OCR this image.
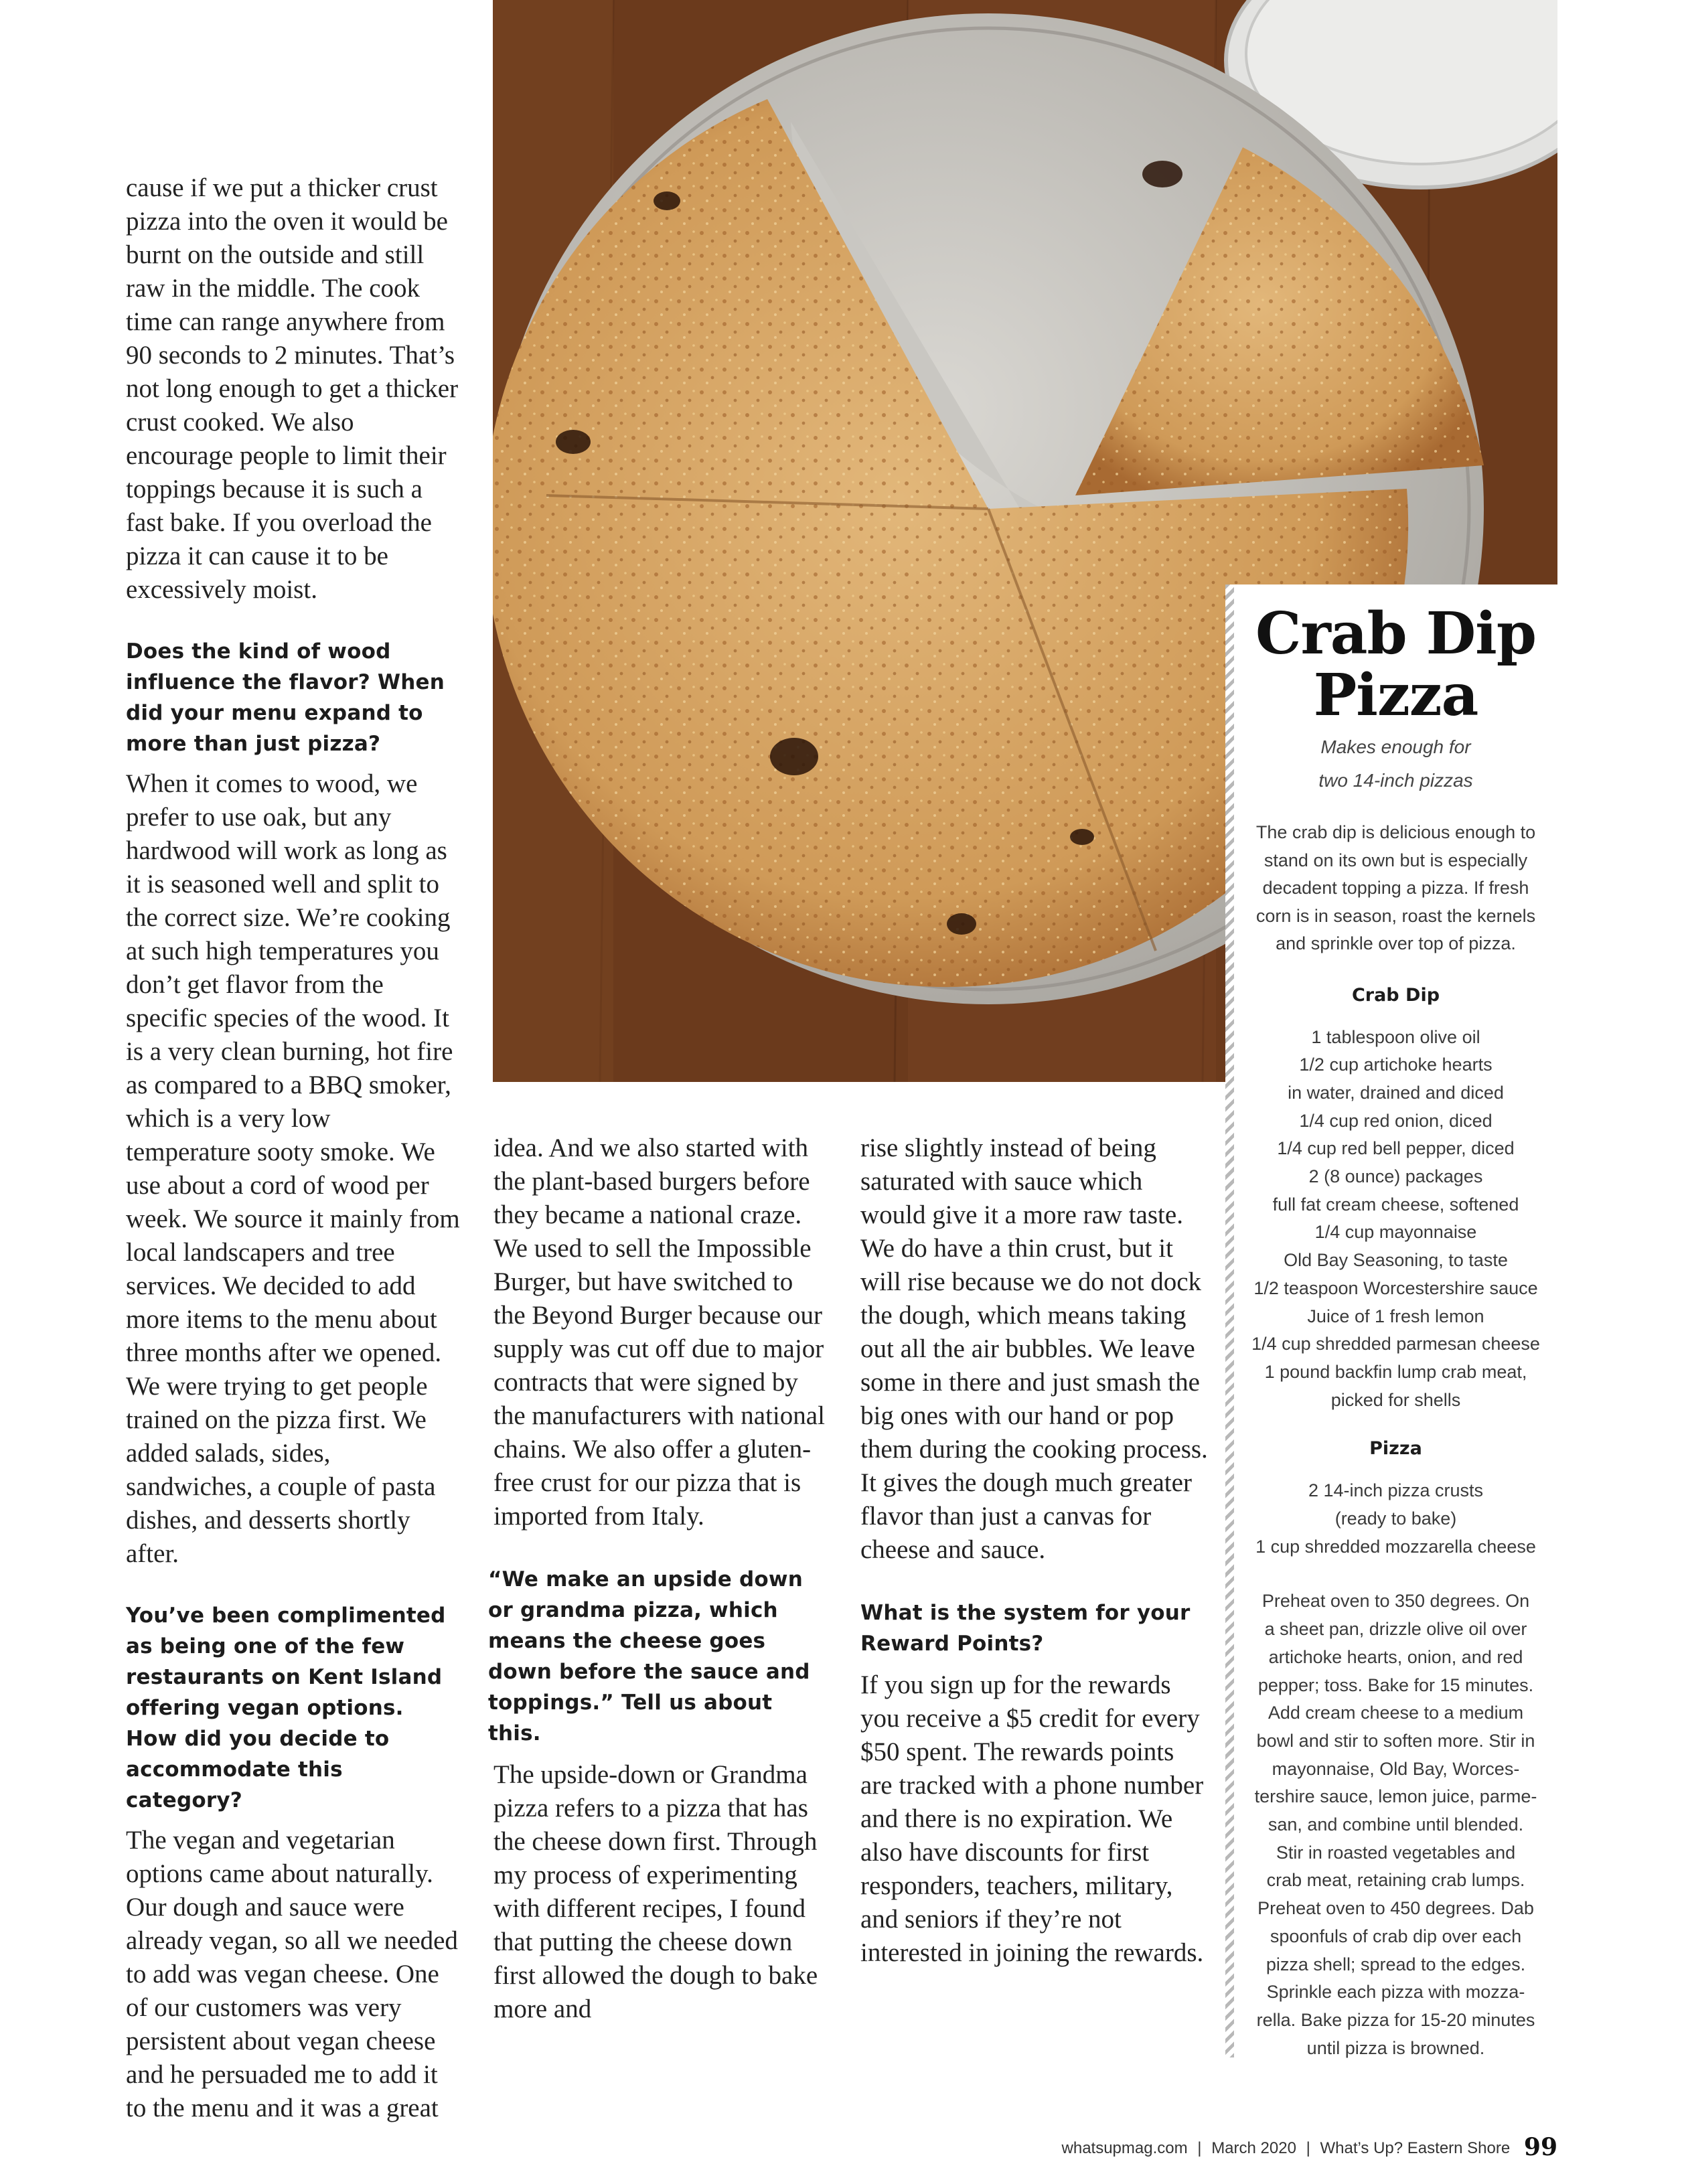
cause if we put a thicker crust pizza into the oven it would be burnt on the outside and still raw in the middle. The cook time can range anywhere from 90 seconds to 2 minutes. That’s not long enough to get a thicker crust cooked. We also encourage people to limit their toppings because it is such a fast bake. If you overload the pizza it can cause it to be excessively moist.

Does the kind of wood influence the flavor? When did your menu expand to more than just pizza?

When it comes to wood, we prefer to use oak, but any hardwood will work as long as it is seasoned well and split to the correct size. We’re cooking at such high temperatures you don’t get flavor from the specific species of the wood. It is a very clean burning, hot fire as compared to a BBQ smoker, which is a very low temperature sooty smoke. We use about a cord of wood per week. We source it mainly from local landscapers and tree services. We decided to add more items to the menu about three months after we opened. We were trying to get people trained on the pizza first. We added salads, sides, sandwiches, a couple of pasta dishes, and desserts shortly after.

You’ve been complimented as being one of the few restaurants on Kent Island offering vegan options. How did you decide to accommodate this category?

The vegan and vegetarian options came about naturally. Our dough and sauce were already vegan, so all we needed to add was vegan cheese. One of our customers was very persistent about vegan cheese and he persuaded me to add it to the menu and it was a great

idea. And we also started with the plant-based burgers before they became a national craze. We used to sell the Impossible Burger, but have switched to the Beyond Burger because our supply was cut off due to major contracts that were signed by the manufacturers with national chains. We also offer a gluten-free crust for our pizza that is imported from Italy.

“We make an upside down or grandma pizza, which means the cheese goes down before the sauce and toppings.” Tell us about this.

The upside-down or Grandma pizza refers to a pizza that has the cheese down first. Through my process of experimenting with different recipes, I found that putting the cheese down first allowed the dough to bake more and

rise slightly instead of being saturated with sauce which would give it a more raw taste. We do have a thin crust, but it will rise because we do not dock the dough, which means taking out all the air bubbles. We leave some in there and just smash the big ones with our hand or pop them during the cooking process. It gives the dough much greater flavor than just a canvas for cheese and sauce.

What is the system for your Reward Points?

If you sign up for the rewards you receive a $5 credit for every $50 spent. The rewards points are tracked with a phone number and there is no expiration. We also have discounts for first responders, teachers, military, and seniors if they’re not interested in joining the rewards.

Crab Dip
Pizza
Makes enough for
two 14-inch pizzas
The crab dip is delicious enough to
stand on its own but is especially
decadent topping a pizza. If fresh
corn is in season, roast the kernels
and sprinkle over top of pizza.
Crab Dip
1 tablespoon olive oil
1/2 cup artichoke hearts
in water, drained and diced
1/4 cup red onion, diced
1/4 cup red bell pepper, diced
2 (8 ounce) packages
full fat cream cheese, softened
1/4 cup mayonnaise
Old Bay Seasoning, to taste
1/2 teaspoon Worcestershire sauce
Juice of 1 fresh lemon
1/4 cup shredded parmesan cheese
1 pound backfin lump crab meat,
picked for shells
Pizza
2 14-inch pizza crusts
(ready to bake)
1 cup shredded mozzarella cheese
Preheat oven to 350 degrees. On
a sheet pan, drizzle olive oil over
artichoke hearts, onion, and red
pepper; toss. Bake for 15 minutes.
Add cream cheese to a medium
bowl and stir to soften more. Stir in
mayonnaise, Old Bay, Worces-
tershire sauce, lemon juice, parme-
san, and combine until blended.
Stir in roasted vegetables and
crab meat, retaining crab lumps.
Preheat oven to 450 degrees. Dab
spoonfuls of crab dip over each
pizza shell; spread to the edges.
Sprinkle each pizza with mozza-
rella. Bake pizza for 15-20 minutes
until pizza is browned.
whatsupmag.com | March 2020 | What’s Up? Eastern Shore 99
